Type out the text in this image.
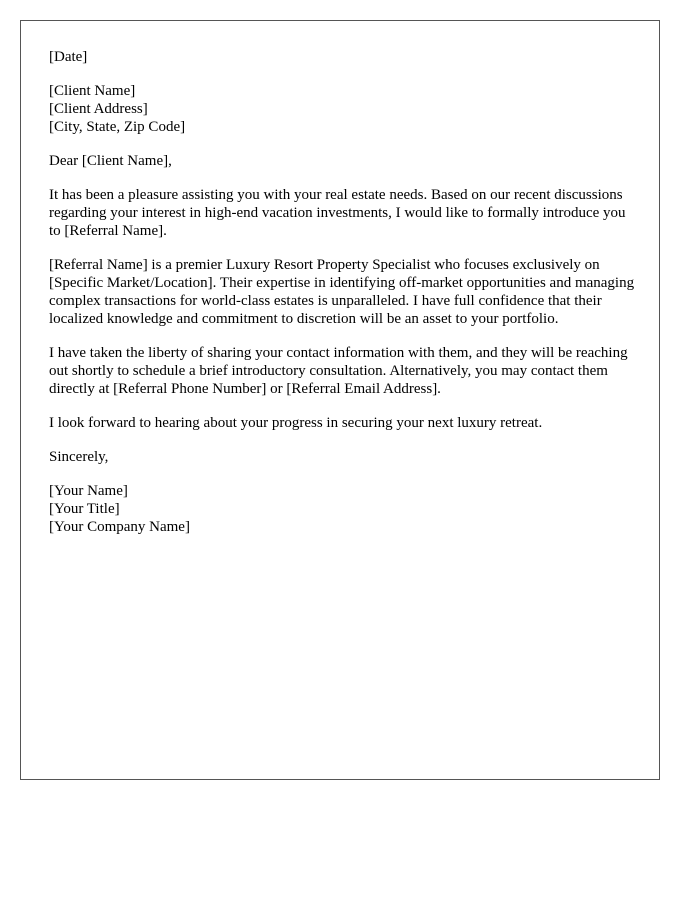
[Date]

[Client Name]
[Client Address]
[City, State, Zip Code]

Dear [Client Name],

It has been a pleasure assisting you with your real estate needs. Based on our recent discussions regarding your interest in high-end vacation investments, I would like to formally introduce you to [Referral Name].

[Referral Name] is a premier Luxury Resort Property Specialist who focuses exclusively on [Specific Market/Location]. Their expertise in identifying off-market opportunities and managing complex transactions for world-class estates is unparalleled. I have full confidence that their localized knowledge and commitment to discretion will be an asset to your portfolio.

I have taken the liberty of sharing your contact information with them, and they will be reaching out shortly to schedule a brief introductory consultation. Alternatively, you may contact them directly at [Referral Phone Number] or [Referral Email Address].

I look forward to hearing about your progress in securing your next luxury retreat.

Sincerely,

[Your Name]
[Your Title]
[Your Company Name]
